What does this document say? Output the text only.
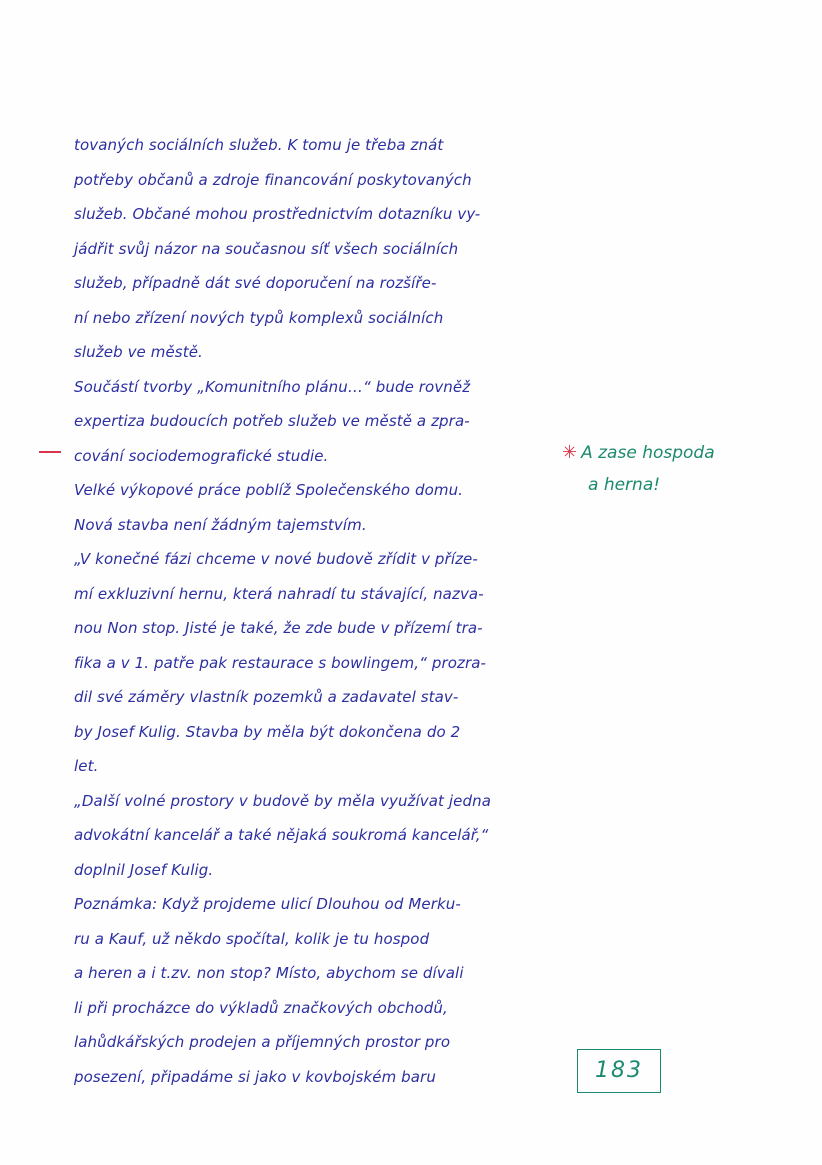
tovaných sociálních služeb. K tomu je třeba znát
potřeby občanů a zdroje financování poskytovaných
služeb. Občané mohou prostřednictvím dotazníku vy-
jádřit svůj názor na současnou síť všech sociálních
služeb, případně dát své doporučení na rozšíře-
ní nebo zřízení nových typů komplexů sociálních
služeb ve městě.
Součástí tvorby „Komunitního plánu…“ bude rovněž
expertiza budoucích potřeb služeb ve městě a zpra-
cování sociodemografické studie.
Velké výkopové práce poblíž Společenského domu.
Nová stavba není žádným tajemstvím.
„V konečné fázi chceme v nové budově zřídit v příze-
mí exkluzivní hernu, která nahradí tu stávající, nazva-
nou Non stop. Jisté je také, že zde bude v přízemí tra-
fika a v 1. patře pak restaurace s bowlingem,“ prozra-
dil své záměry vlastník pozemků a zadavatel stav-
by Josef Kulig. Stavba by měla být dokončena do 2
let.
„Další volné prostory v budově by měla využívat jedna
advokátní kancelář a také nějaká soukromá kancelář,“
doplnil Josef Kulig.
Poznámka: Když projdeme ulicí Dlouhou od Merku-
ru a Kauf, už někdo spočítal, kolik je tu hospod
a heren a i t.zv. non stop? Místo, abychom se dívali
li při procházce do výkladů značkových obchodů,
lahůdkářských prodejen a příjemných prostor pro
posezení, připadáme si jako v kovbojském baru
✳ A zase hospoda
a herna!
183
